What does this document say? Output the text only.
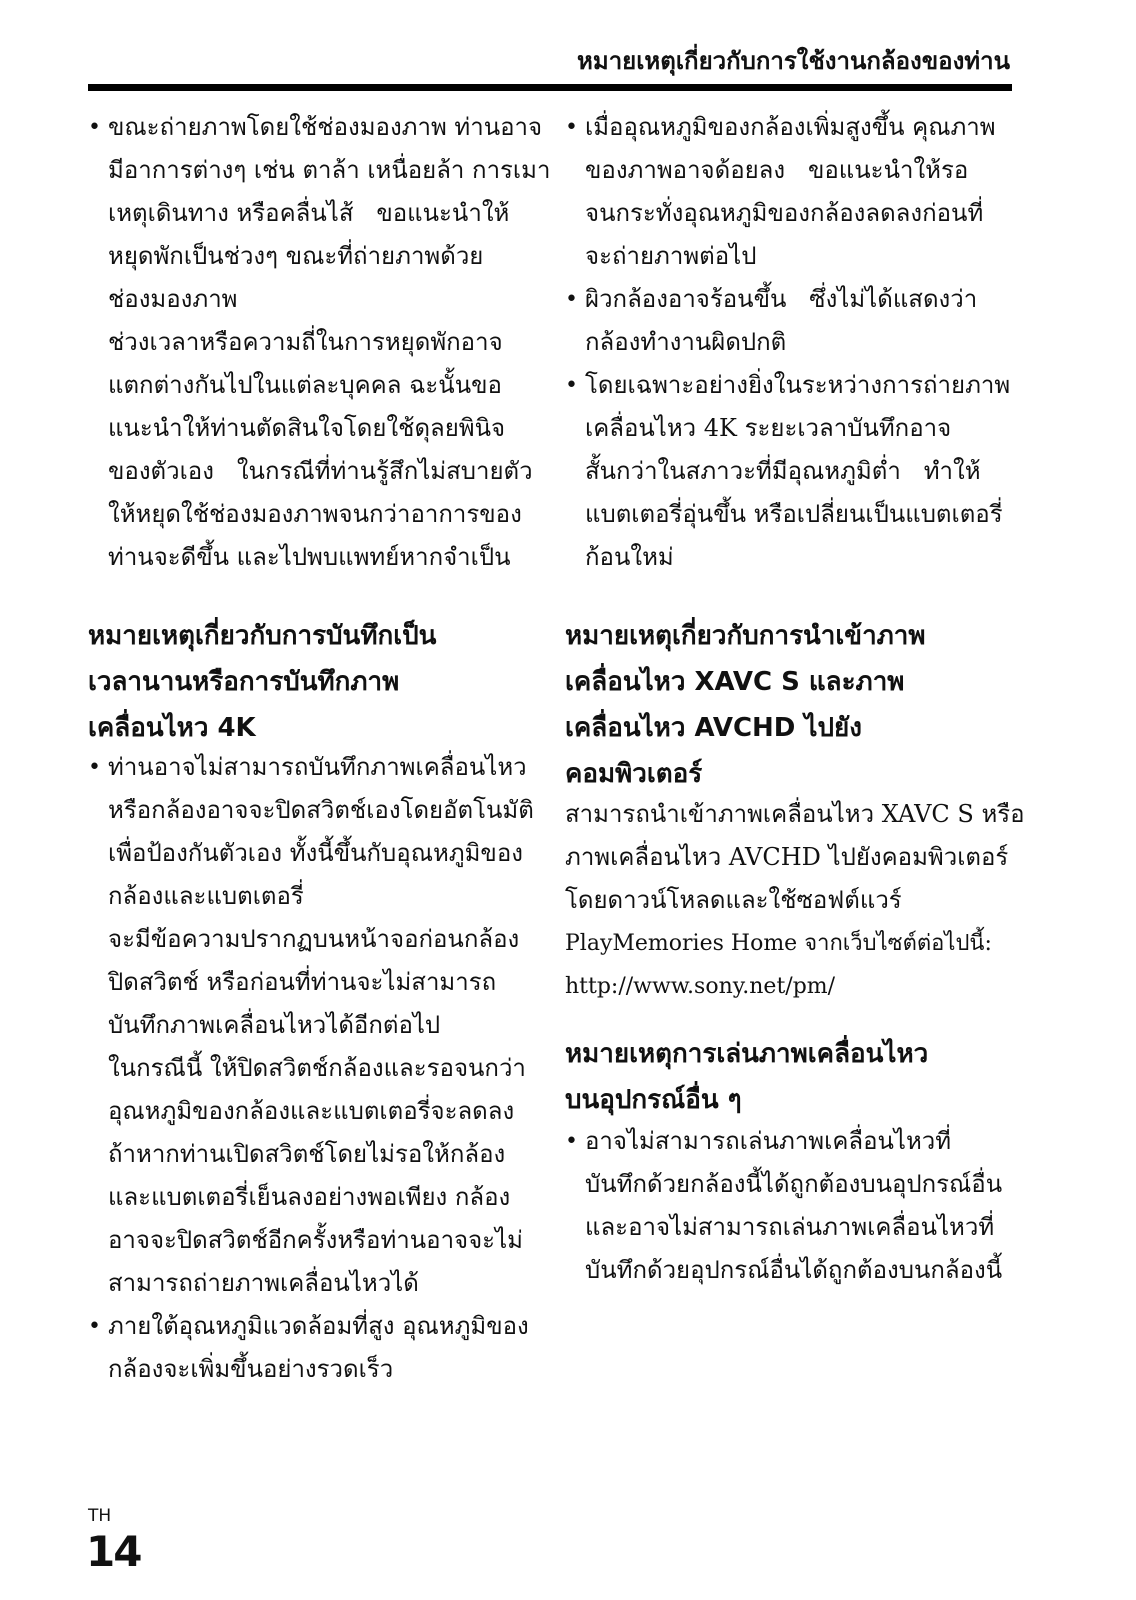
หมายเหตุเกี่ยวกับการใช้งานกล้องของท่าน
• ขณะถ่ายภาพโดยใช้ช่องมองภาพ ท่านอาจ
มีอาการต่างๆ เช่น ตาล้า เหนื่อยล้า การเมา
เหตุเดินทาง หรือคลื่นไส้   ขอแนะนำให้
หยุดพักเป็นช่วงๆ ขณะที่ถ่ายภาพด้วย
ช่องมองภาพ
ช่วงเวลาหรือความถี่ในการหยุดพักอาจ
แตกต่างกันไปในแต่ละบุคคล ฉะนั้นขอ
แนะนำให้ท่านตัดสินใจโดยใช้ดุลยพินิจ
ของตัวเอง   ในกรณีที่ท่านรู้สึกไม่สบายตัว
ให้หยุดใช้ช่องมองภาพจนกว่าอาการของ
ท่านจะดีขึ้น และไปพบแพทย์หากจำเป็น
หมายเหตุเกี่ยวกับการบันทึกเป็น
เวลานานหรือการบันทึกภาพ
เคลื่อนไหว 4K
• ท่านอาจไม่สามารถบันทึกภาพเคลื่อนไหว
หรือกล้องอาจจะปิดสวิตช์เองโดยอัตโนมัติ
เพื่อป้องกันตัวเอง ทั้งนี้ขึ้นกับอุณหภูมิของ
กล้องและแบตเตอรี่
จะมีข้อความปรากฏบนหน้าจอก่อนกล้อง
ปิดสวิตช์ หรือก่อนที่ท่านจะไม่สามารถ
บันทึกภาพเคลื่อนไหวได้อีกต่อไป
ในกรณีนี้ ให้ปิดสวิตช์กล้องและรอจนกว่า
อุณหภูมิของกล้องและแบตเตอรี่จะลดลง
ถ้าหากท่านเปิดสวิตช์โดยไม่รอให้กล้อง
และแบตเตอรี่เย็นลงอย่างพอเพียง กล้อง
อาจจะปิดสวิตช์อีกครั้งหรือท่านอาจจะไม่
สามารถถ่ายภาพเคลื่อนไหวได้
• ภายใต้อุณหภูมิแวดล้อมที่สูง อุณหภูมิของ
กล้องจะเพิ่มขึ้นอย่างรวดเร็ว
• เมื่ออุณหภูมิของกล้องเพิ่มสูงขึ้น คุณภาพ
ของภาพอาจด้อยลง   ขอแนะนำให้รอ
จนกระทั่งอุณหภูมิของกล้องลดลงก่อนที่
จะถ่ายภาพต่อไป
• ผิวกล้องอาจร้อนขึ้น   ซึ่งไม่ได้แสดงว่า
กล้องทำงานผิดปกติ
• โดยเฉพาะอย่างยิ่งในระหว่างการถ่ายภาพ
เคลื่อนไหว 4K ระยะเวลาบันทึกอาจ
สั้นกว่าในสภาวะที่มีอุณหภูมิต่ำ   ทำให้
แบตเตอรี่อุ่นขึ้น หรือเปลี่ยนเป็นแบตเตอรี่
ก้อนใหม่
หมายเหตุเกี่ยวกับการนำเข้าภาพ
เคลื่อนไหว XAVC S และภาพ
เคลื่อนไหว AVCHD ไปยัง
คอมพิวเตอร์
สามารถนำเข้าภาพเคลื่อนไหว XAVC S หรือ
ภาพเคลื่อนไหว AVCHD ไปยังคอมพิวเตอร์
โดยดาวน์โหลดและใช้ซอฟต์แวร์
PlayMemories Home จากเว็บไซต์ต่อไปนี้:
http://www.sony.net/pm/
หมายเหตุการเล่นภาพเคลื่อนไหว
บนอุปกรณ์อื่น ๆ
• อาจไม่สามารถเล่นภาพเคลื่อนไหวที่
บันทึกด้วยกล้องนี้ได้ถูกต้องบนอุปกรณ์อื่น
และอาจไม่สามารถเล่นภาพเคลื่อนไหวที่
บันทึกด้วยอุปกรณ์อื่นได้ถูกต้องบนกล้องนี้
TH
14
